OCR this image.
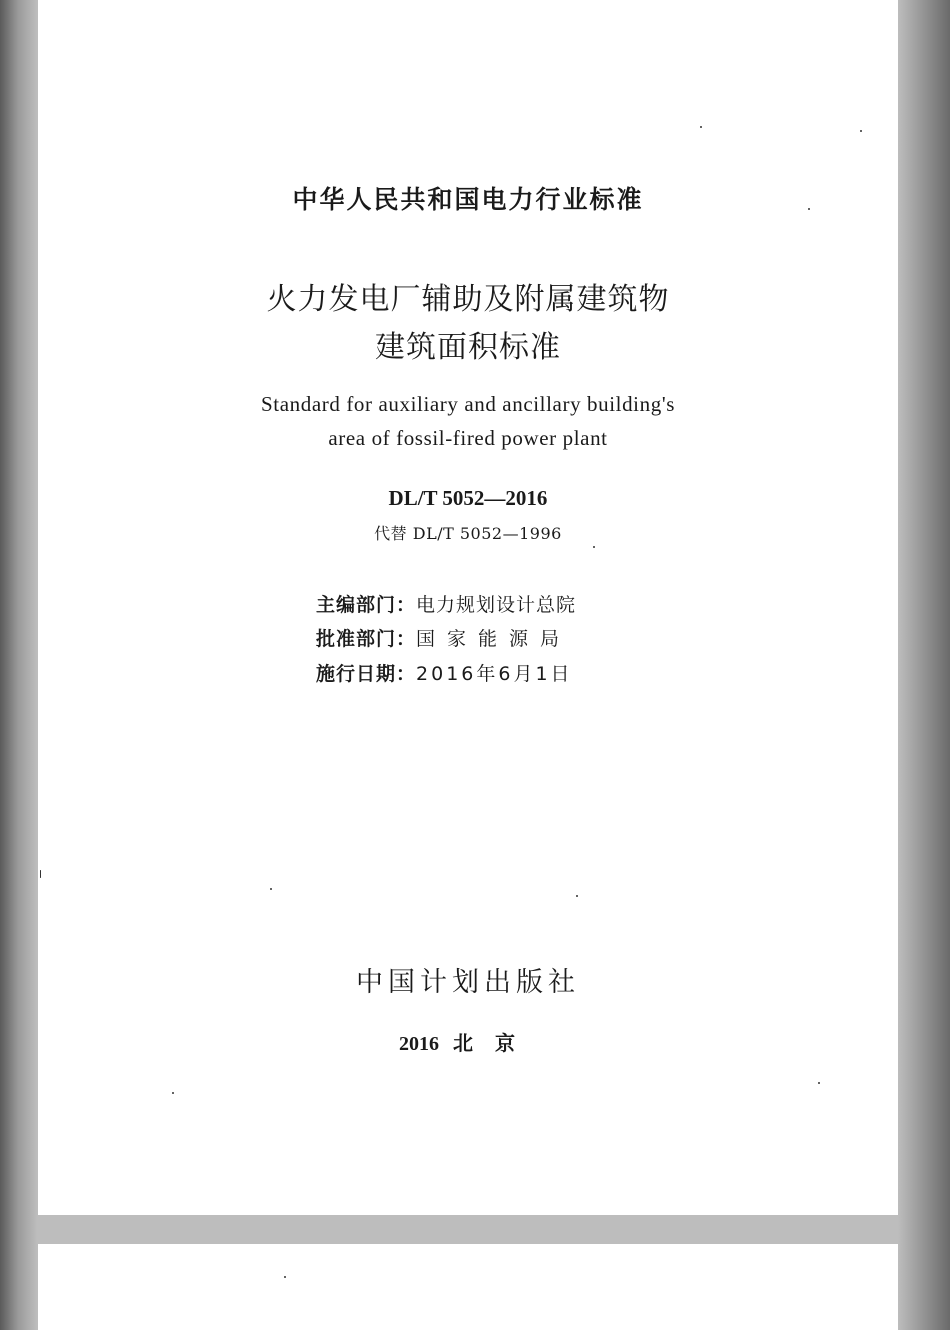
中华人民共和国电力行业标准
火力发电厂辅助及附属建筑物
建筑面积标准
Standard for auxiliary and ancillary building's
area of fossil-fired power plant
DL/T 5052—2016
代替 DL/T 5052—1996
主编部门：电力规划设计总院
批准部门：国家能源局
施行日期：2016年6月1日
中国计划出版社
2016 北京
